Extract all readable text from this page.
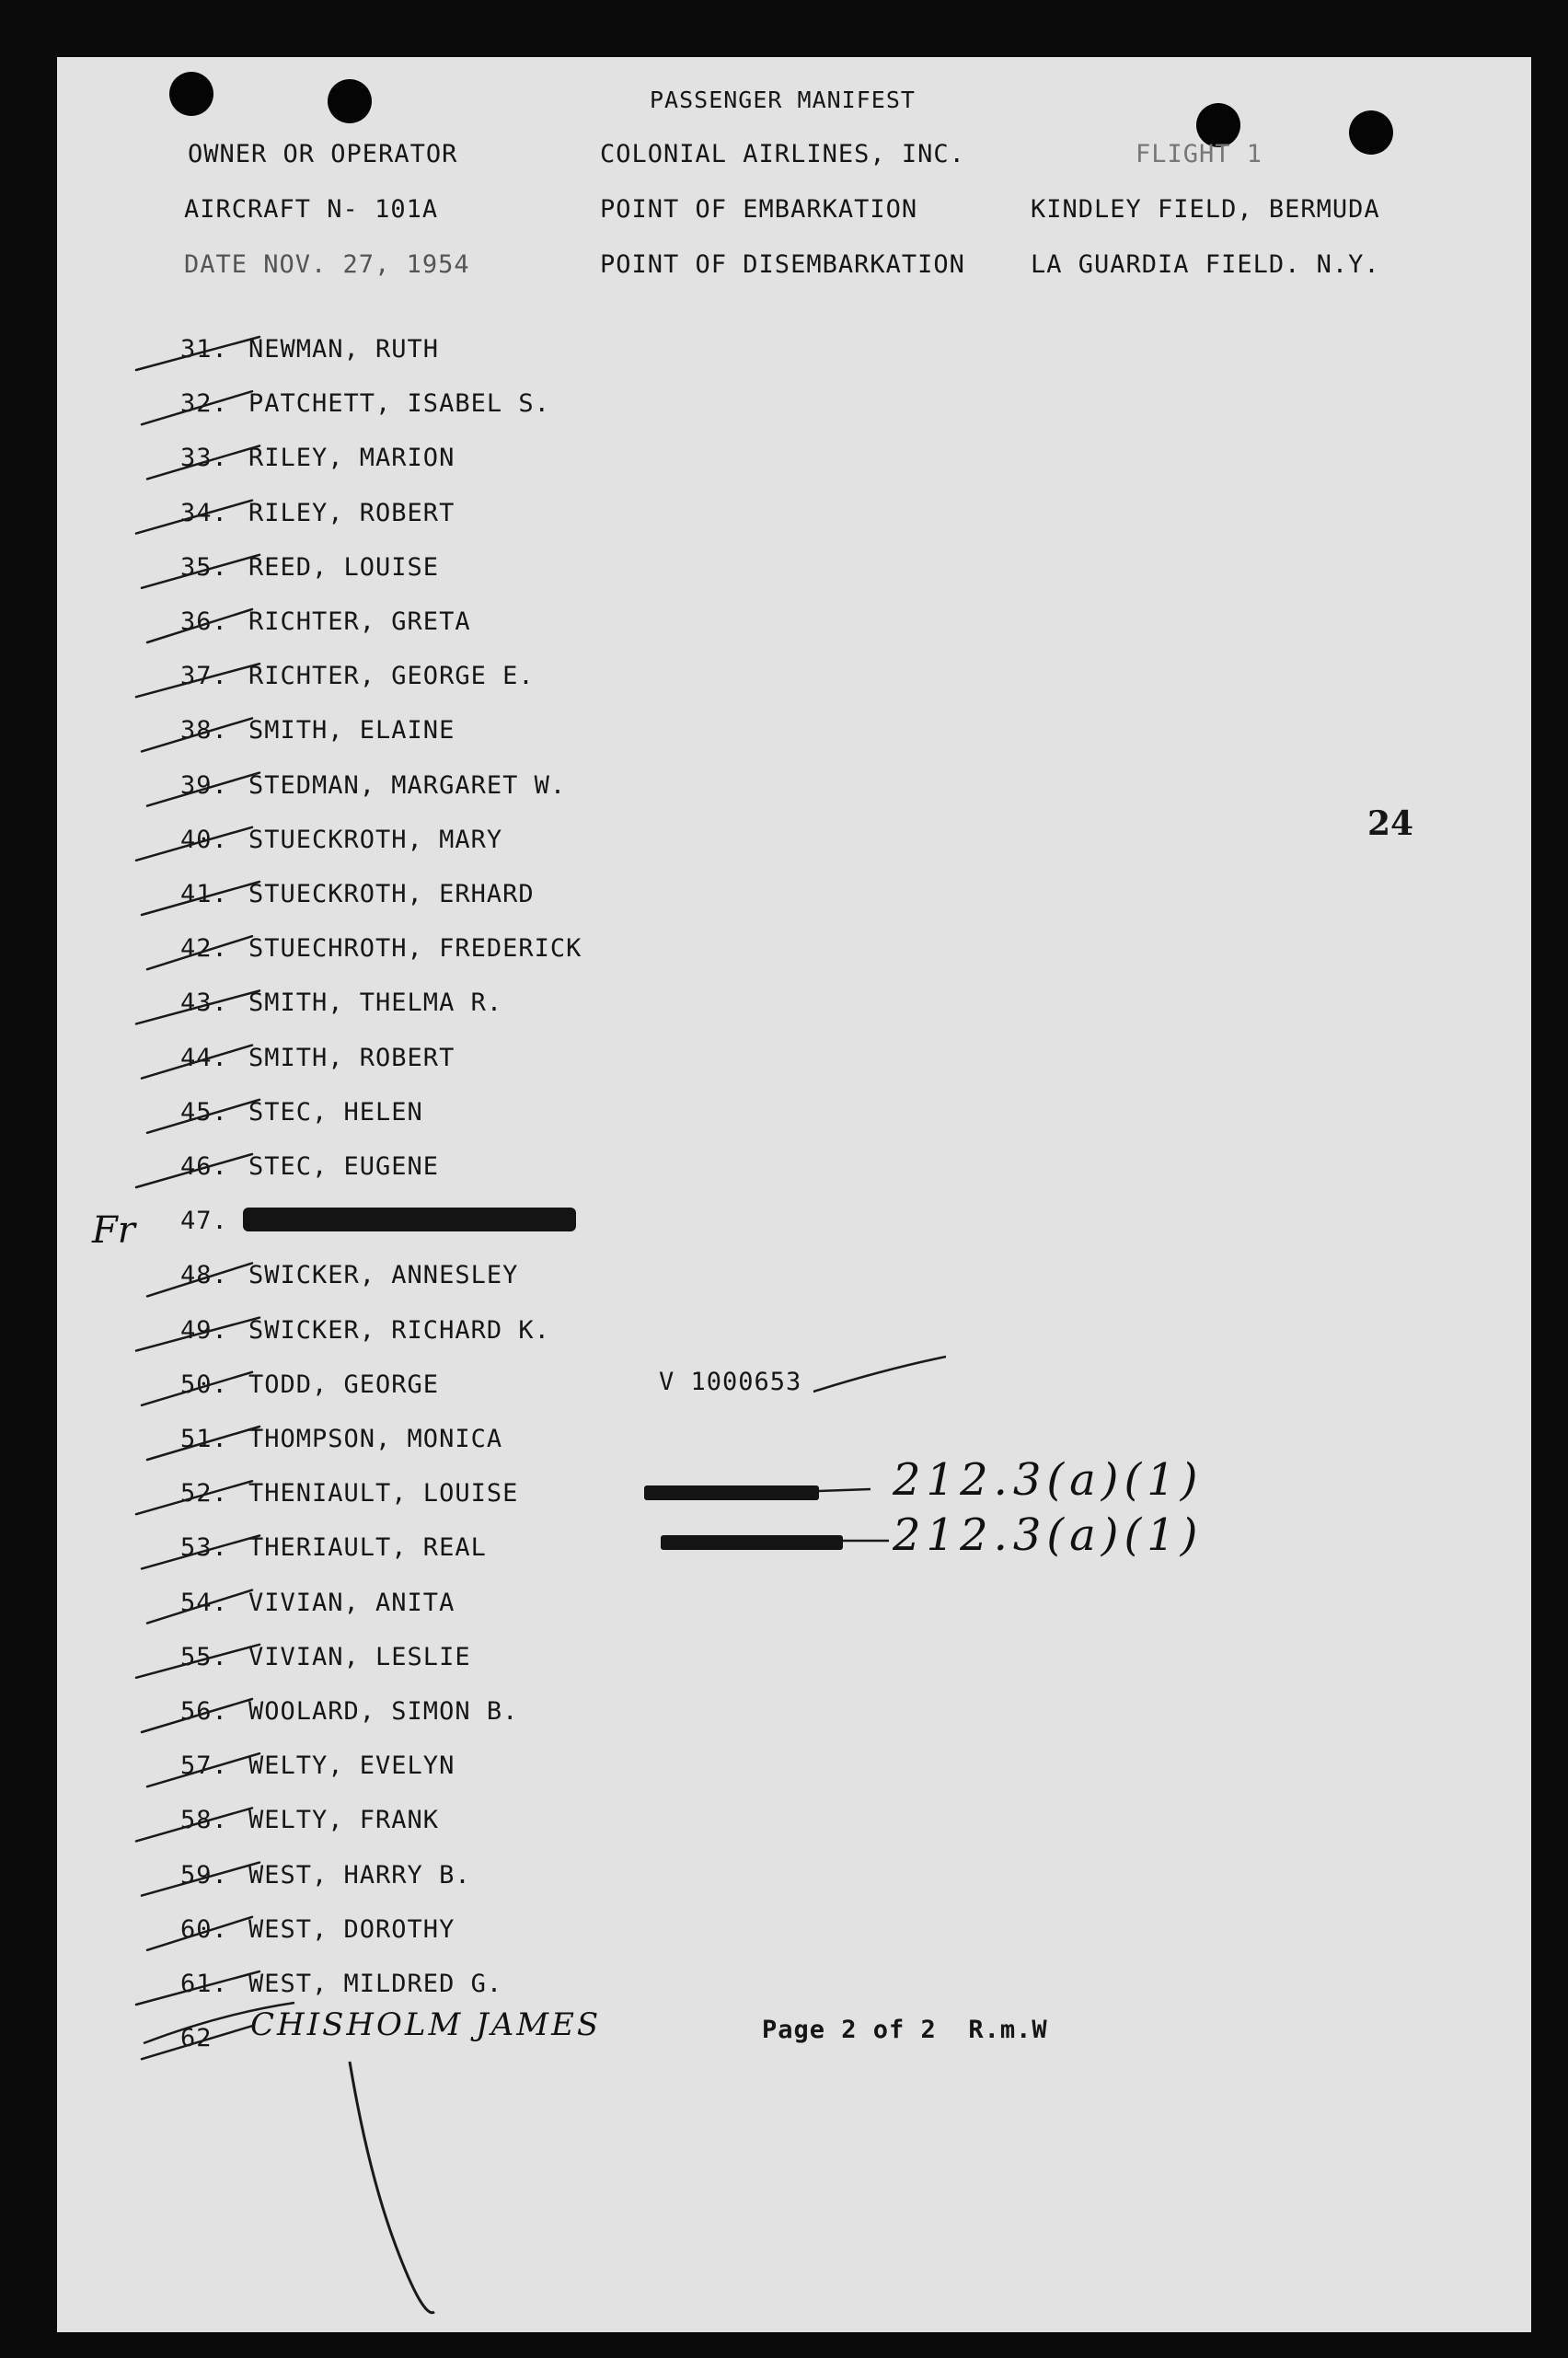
PASSENGER MANIFEST
OWNER OR OPERATOR	COLONIAL AIRLINES, INC.	FLIGHT 1
AIRCRAFT N- 101A	POINT OF EMBARKATION	KINDLEY FIELD, BERMUDA
DATE NOV. 27, 1954	POINT OF DISEMBARKATION	LA GUARDIA FIELD. N.Y.
24
31. NEWMAN, RUTH
32. PATCHETT, ISABEL S.
33. RILEY, MARION
34. RILEY, ROBERT
35. REED, LOUISE
36. RICHTER, GRETA
37. RICHTER, GEORGE E.
38. SMITH, ELAINE
39. STEDMAN, MARGARET W.
40. STUECKROTH, MARY
41. STUECKROTH, ERHARD
42. STUECHROTH, FREDERICK
43. SMITH, THELMA R.
44. SMITH, ROBERT
45. STEC, HELEN
46. STEC, EUGENE
47.
48. SWICKER, ANNESLEY
49. SWICKER, RICHARD K.
50. TODD, GEORGE
51. THOMPSON, MONICA
52. THENIAULT, LOUISE
53. THERIAULT, REAL
54. VIVIAN, ANITA
55. VIVIAN, LESLIE
56. WOOLARD, SIMON B.
57. WELTY, EVELYN
58. WELTY, FRANK
59. WEST, HARRY B.
60. WEST, DOROTHY
61. WEST, MILDRED G.
62 CHISHOLM JAMES
V 1000653
212.3(a)(1)
212.3(a)(1)
Fr
Page 2 of 2  R.m.W
